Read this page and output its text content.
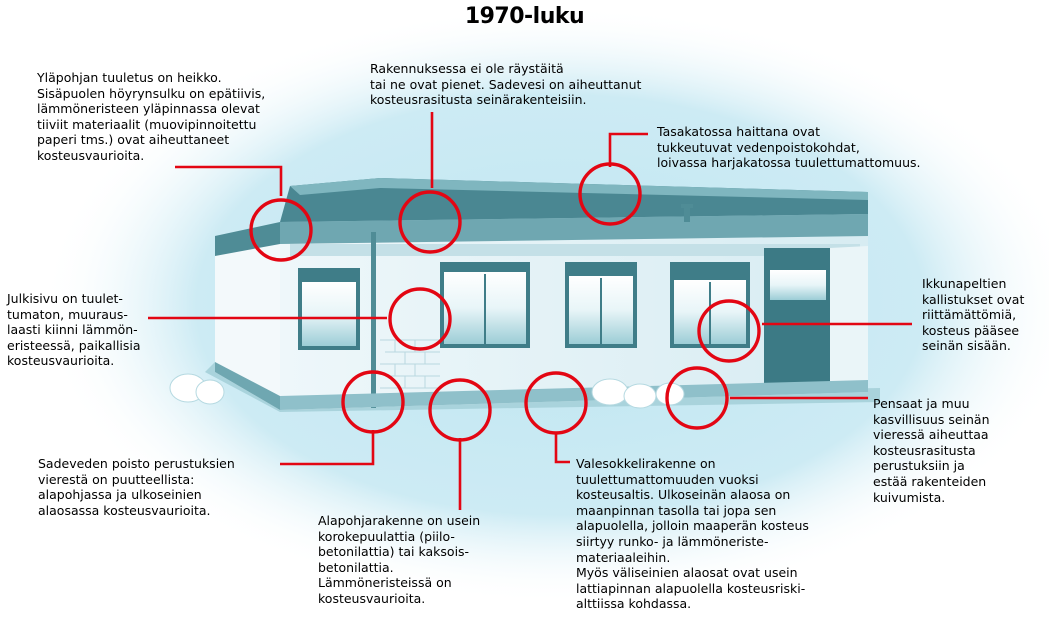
1970-luku

Yläpohjan tuuletus on heikko.
Sisäpuolen höyrynsulku on epätiivis,
lämmöneristeen yläpinnassa olevat
tiiviit materiaalit (muovipinnoitettu
paperi tms.) ovat aiheuttaneet
kosteusvaurioita.

Rakennuksessa ei ole räystäitä
tai ne ovat pienet. Sadevesi on aiheuttanut
kosteusrasitusta seinärakenteisiin.

Tasakatossa haittana ovat
tukkeutuvat vedenpoistokohdat,
loivassa harjakatossa tuulettumattomuus.

Julkisivu on tuulet-
tumaton, muuraus-
laasti kiinni lämmön-
eristeessä, paikallisia
kosteusvaurioita.

Ikkunapeltien
kallistukset ovat
riittämättömiä,
kosteus pääsee
seinän sisään.

Pensaat ja muu
kasvillisuus seinän
vieressä aiheuttaa
kosteusrasitusta
perustuksiin ja
estää rakenteiden
kuivumista.

Sadeveden poisto perustuksien
vierestä on puutteellista:
alapohjassa ja ulkoseinien
alaosassa kosteusvaurioita.

Alapohjarakenne on usein
korokepuulattia (piilo-
betonilattia) tai kaksois-
betonilattia.
Lämmöneristeissä on
kosteusvaurioita.

Valesokkelirakenne on
tuulettumattomuuden vuoksi
kosteusaltis. Ulkoseinän alaosa on
maanpinnan tasolla tai jopa sen
alapuolella, jolloin maaperän kosteus
siirtyy runko- ja lämmöneriste-
materiaaleihin.
Myös väliseinien alaosat ovat usein
lattiapinnan alapuolella kosteusriski-
alttiissa kohdassa.
